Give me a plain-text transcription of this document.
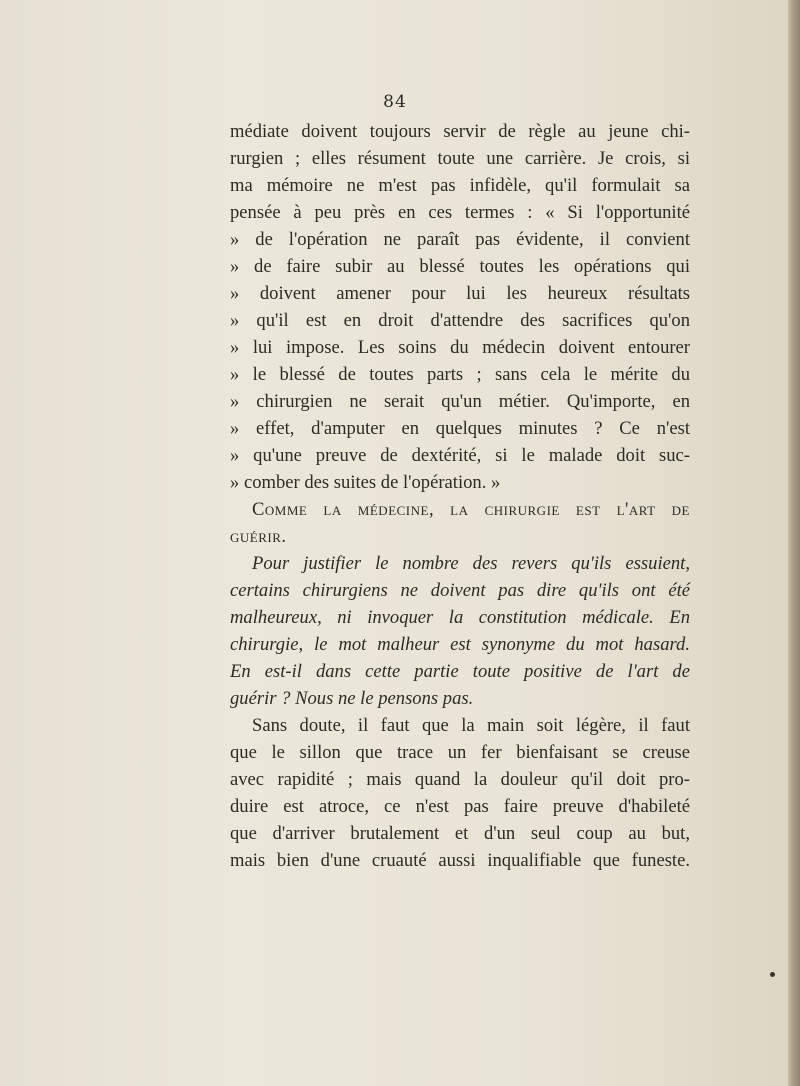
84
médiate doivent toujours servir de règle au jeune chi-
rurgien ; elles résument toute une carrière. Je crois, si
ma mémoire ne m'est pas infidèle, qu'il formulait sa
pensée à peu près en ces termes : « Si l'opportunité
» de l'opération ne paraît pas évidente, il convient
» de faire subir au blessé toutes les opérations qui
» doivent amener pour lui les heureux résultats
» qu'il est en droit d'attendre des sacrifices qu'on
» lui impose. Les soins du médecin doivent entourer
» le blessé de toutes parts ; sans cela le mérite du
» chirurgien ne serait qu'un métier. Qu'importe, en
» effet, d'amputer en quelques minutes ? Ce n'est
» qu'une preuve de dextérité, si le malade doit suc-
» comber des suites de l'opération. »
Comme la médecine, la chirurgie est l'art de
guérir.
Pour justifier le nombre des revers qu'ils essuient,
certains chirurgiens ne doivent pas dire qu'ils ont été
malheureux, ni invoquer la constitution médicale. En
chirurgie, le mot malheur est synonyme du mot hasard.
En est-il dans cette partie toute positive de l'art de
guérir ? Nous ne le pensons pas.
Sans doute, il faut que la main soit légère, il faut
que le sillon que trace un fer bienfaisant se creuse
avec rapidité ; mais quand la douleur qu'il doit pro-
duire est atroce, ce n'est pas faire preuve d'habileté
que d'arriver brutalement et d'un seul coup au but,
mais bien d'une cruauté aussi inqualifiable que funeste.
